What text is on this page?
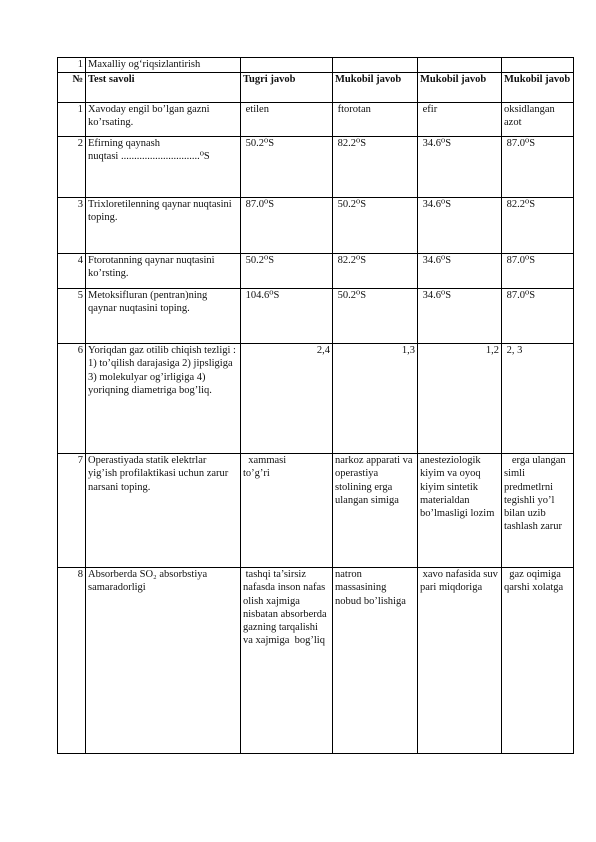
1	Maxalliy og‘riqsizlantirish				
№	Test savoli	Tugri javob	Mukobil javob	Mukobil javob	Mukobil javob
1	Xavoday engil bo’lgan gazni ko’rsating.	etilen	ftorotan	efir	oksidlangan azot
2	Efirning qaynash
nuqtasi ..............................⁰S	50.2⁰S	82.2⁰S	34.6⁰S	87.0⁰S
3	Trixloretilenning qaynar nuqtasini toping.	87.0⁰S	50.2⁰S	34.6⁰S	82.2⁰S
4	Ftorotanning qaynar nuqtasini ko’rsting.	50.2⁰S	82.2⁰S	34.6⁰S	87.0⁰S
5	Metoksifluran (pentran)ning qaynar nuqtasini toping.	104.6⁰S	50.2⁰S	34.6⁰S	87.0⁰S
6	Yoriqdan gaz otilib chiqish tezligi : 1) to’qilish darajasiga 2) jipsligiga 3) molekulyar og’irligiga 4) yoriqning diametriga bog’liq.	2,4	1,3	1,2	2, 3
7	Operastiyada statik elektrlar yig’ish profilaktikasi uchun zarur narsani toping.	xammasi
to’g’ri	narkoz apparati va operastiya stolining erga ulangan simiga	anesteziologik kiyim va oyoq kiyim sintetik materialdan bo’lmasligi lozim	erga ulangan simli predmetlrni tegishli yo’l bilan uzib tashlash zarur
8	Absorberda SO₂ absorbstiya samaradorligi	tashqi ta’sirsiz nafasda inson nafas olish xajmiga nisbatan absorberda gazning tarqalishi va xajmiga  bog’liq	natron massasining nobud bo’lishiga	xavo nafasida suv pari miqdoriga	gaz oqimiga qarshi xolatga
